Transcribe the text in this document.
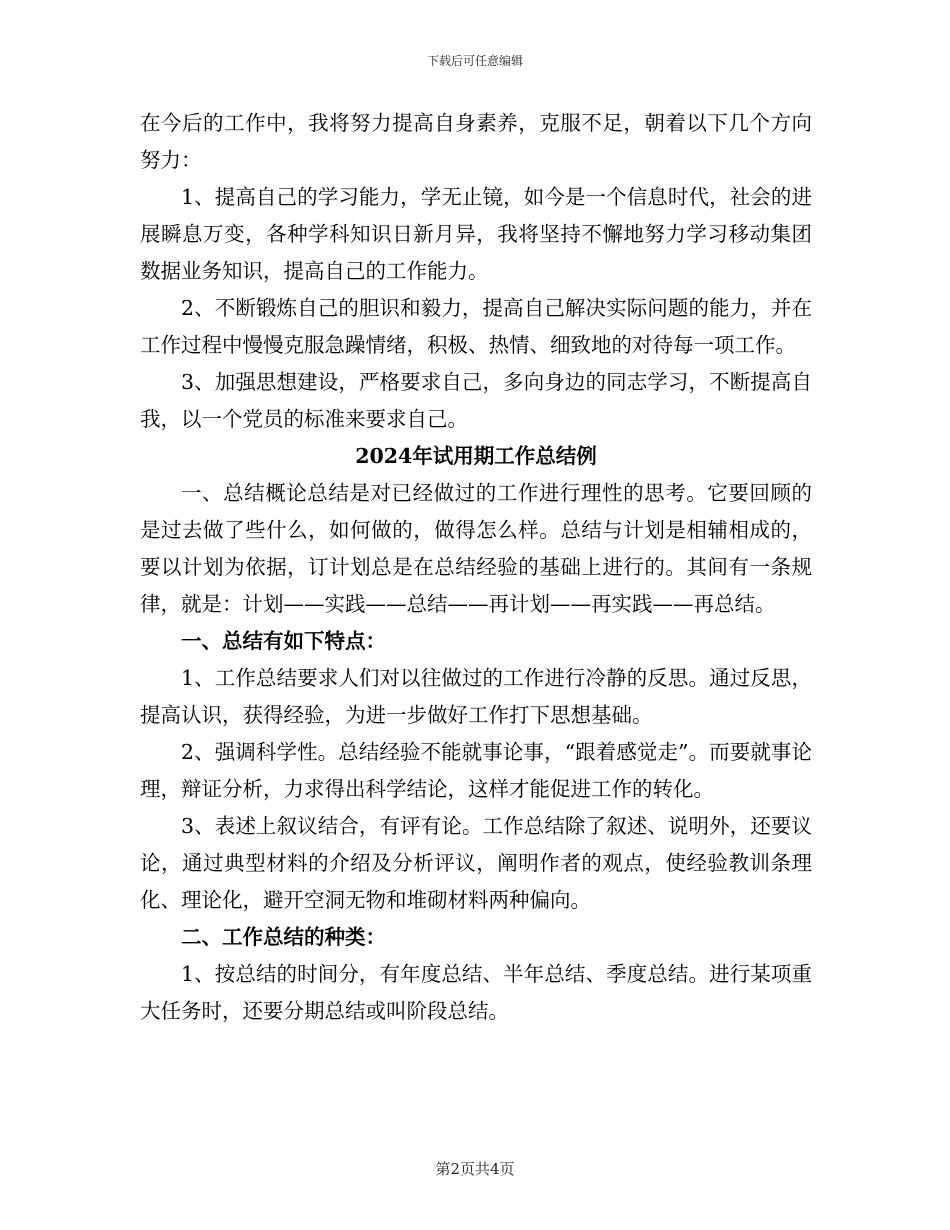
下载后可任意编辑

在今后的工作中，我将努力提高自身素养，克服不足，朝着以下几个方向努力：

1、提高自己的学习能力，学无止镜，如今是一个信息时代，社会的进展瞬息万变，各种学科知识日新月异，我将坚持不懈地努力学习移动集团数据业务知识，提高自己的工作能力。

2、不断锻炼自己的胆识和毅力，提高自己解决实际问题的能力，并在工作过程中慢慢克服急躁情绪，积极、热情、细致地的对待每一项工作。

3、加强思想建设，严格要求自己，多向身边的同志学习，不断提高自我，以一个党员的标准来要求自己。

2024年试用期工作总结例

一、总结概论总结是对已经做过的工作进行理性的思考。它要回顾的是过去做了些什么，如何做的，做得怎么样。总结与计划是相辅相成的，要以计划为依据，订计划总是在总结经验的基础上进行的。其间有一条规律，就是：计划——实践——总结——再计划——再实践——再总结。

一、总结有如下特点：

1、工作总结要求人们对以往做过的工作进行冷静的反思。通过反思，提高认识，获得经验，为进一步做好工作打下思想基础。

2、强调科学性。总结经验不能就事论事，“跟着感觉走”。而要就事论理，辩证分析，力求得出科学结论，这样才能促进工作的转化。

3、表述上叙议结合，有评有论。工作总结除了叙述、说明外，还要议论，通过典型材料的介绍及分析评议，阐明作者的观点，使经验教训条理化、理论化，避开空洞无物和堆砌材料两种偏向。

二、工作总结的种类：

1、按总结的时间分，有年度总结、半年总结、季度总结。进行某项重大任务时，还要分期总结或叫阶段总结。

第2页共4页
